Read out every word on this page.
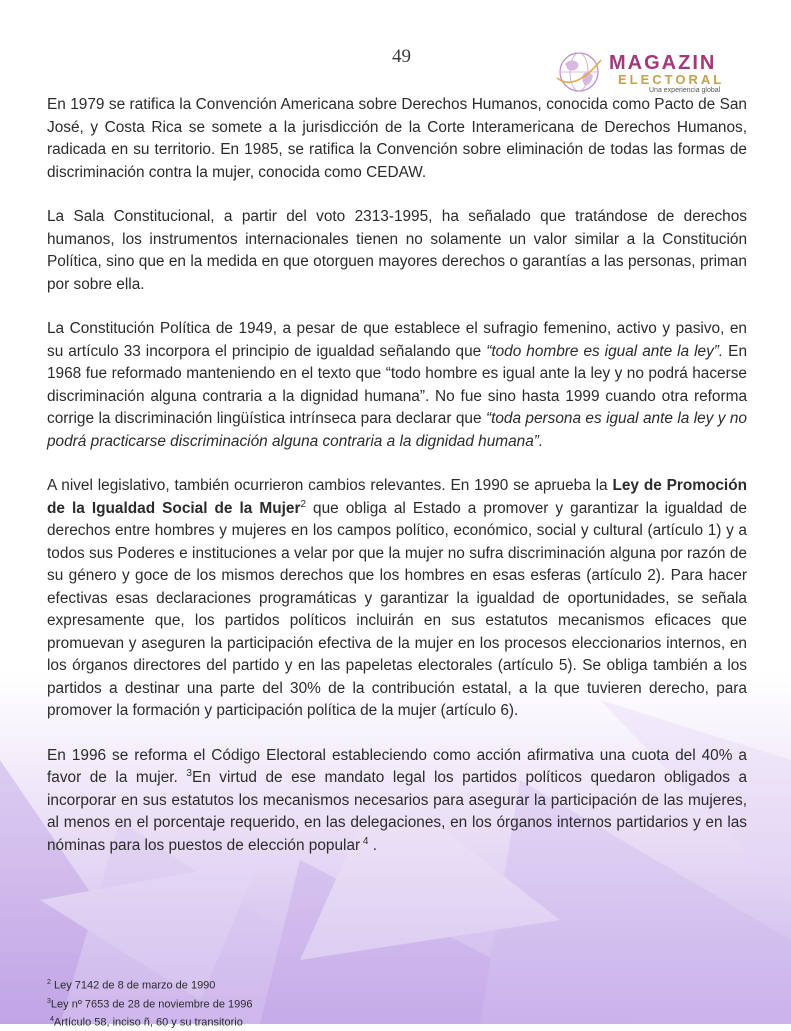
49	MAGAZIN
ELECTORAL
Una experiencia global

En 1979 se ratifica la Convención Americana sobre Derechos Humanos, conocida como Pacto de San José, y Costa Rica se somete a la jurisdicción de la Corte Interamericana de Derechos Humanos, radicada en su territorio. En 1985, se ratifica la Convención sobre eliminación de todas las formas de discriminación contra la mujer, conocida como CEDAW.

La Sala Constitucional, a partir del voto 2313-1995, ha señalado que tratándose de derechos humanos, los instrumentos internacionales tienen no solamente un valor similar a la Constitución Política, sino que en la medida en que otorguen mayores derechos o garantías a las personas, priman por sobre ella.

La Constitución Política de 1949, a pesar de que establece el sufragio femenino, activo y pasivo, en su artículo 33 incorpora el principio de igualdad señalando que “todo hombre es igual ante la ley”. En 1968 fue reformado manteniendo en el texto que “todo hombre es igual ante la ley y no podrá hacerse discriminación alguna contraria a la dignidad humana”. No fue sino hasta 1999 cuando otra reforma corrige la discriminación lingüística intrínseca para declarar que “toda persona es igual ante la ley y no podrá practicarse discriminación alguna contraria a la dignidad humana”.

A nivel legislativo, también ocurrieron cambios relevantes. En 1990 se aprueba la Ley de Promoción de la Igualdad Social de la Mujer$^2$ que obliga al Estado a promover y garantizar la igualdad de derechos entre hombres y mujeres en los campos político, económico, social y cultural (artículo 1) y a todos sus Poderes e instituciones a velar por que la mujer no sufra discriminación alguna por razón de su género y goce de los mismos derechos que los hombres en esas esferas (artículo 2). Para hacer efectivas esas declaraciones programáticas y garantizar la igualdad de oportunidades, se señala expresamente que, los partidos políticos incluirán en sus estatutos mecanismos eficaces que promuevan y aseguren la participación efectiva de la mujer en los procesos eleccionarios internos, en los órganos directores del partido y en las papeletas electorales (artículo 5). Se obliga también a los partidos a destinar una parte del 30% de la contribución estatal, a la que tuvieren derecho, para promover la formación y participación política de la mujer (artículo 6).

En 1996 se reforma el Código Electoral estableciendo como acción afirmativa una cuota del 40% a favor de la mujer. $^3$En virtud de ese mandato legal los partidos políticos quedaron obligados a incorporar en sus estatutos los mecanismos necesarios para asegurar la participación de las mujeres, al menos en el porcentaje requerido, en las delegaciones, en los órganos internos partidarios y en las nóminas para los puestos de elección popular $^4$ .

$^2$ Ley 7142 de 8 de marzo de 1990
$^3$Ley nº 7653 de 28 de noviembre de 1996
$^4$Artículo 58, inciso ñ, 60 y su transitorio
